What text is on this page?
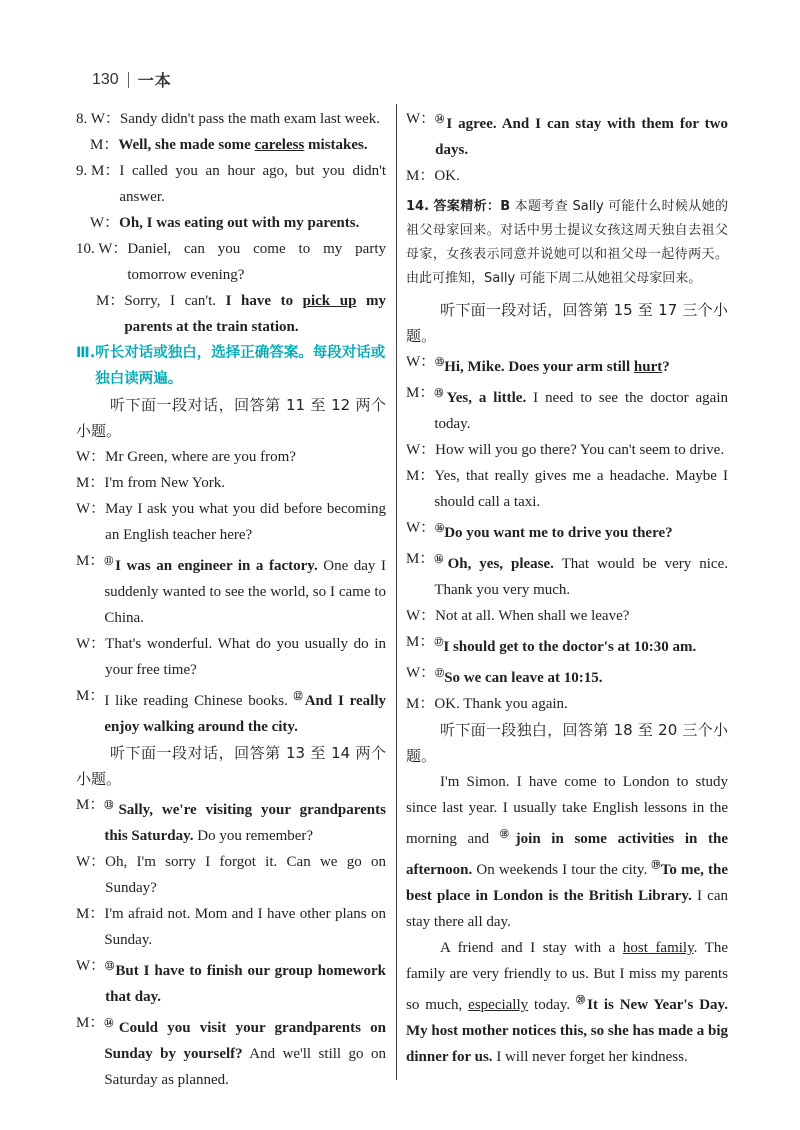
130 一本
8. W： Sandy didn't pass the math exam last week.
M： Well, she made some careless mistakes.
9. M： I called you an hour ago, but you didn't answer.
W： Oh, I was eating out with my parents.
10. W： Daniel, can you come to my party tomorrow evening?
M： Sorry, I can't. I have to pick up my parents at the train station.
Ⅲ. 听长对话或独白，选择正确答案。每段对话或独白读两遍。
听下面一段对话，回答第 11 至 12 两个小题。
W： Mr Green, where are you from?
M： I'm from New York.
W： May I ask you what you did before becoming an English teacher here?
M： ⑪I was an engineer in a factory. One day I suddenly wanted to see the world, so I came to China.
W： That's wonderful. What do you usually do in your free time?
M： I like reading Chinese books. ⑫And I really enjoy walking around the city.
听下面一段对话，回答第 13 至 14 两个小题。
M： ⑬Sally, we're visiting your grandparents this Saturday. Do you remember?
W： Oh, I'm sorry I forgot it. Can we go on Sunday?
M： I'm afraid not. Mom and I have other plans on Sunday.
W： ⑬But I have to finish our group homework that day.
M： ⑭Could you visit your grandparents on Sunday by yourself? And we'll still go on Saturday as planned.
W： ⑭I agree. And I can stay with them for two days.
M： OK.
14. 答案精析：B 本题考查 Sally 可能什么时候从她的祖父母家回来。对话中男士提议女孩这周天独自去祖父母家，女孩表示同意并说她可以和祖父母一起待两天。由此可推知，Sally 可能下周二从她祖父母家回来。
听下面一段对话，回答第 15 至 17 三个小题。
W： ⑮Hi, Mike. Does your arm still hurt?
M： ⑮Yes, a little. I need to see the doctor again today.
W： How will you go there? You can't seem to drive.
M： Yes, that really gives me a headache. Maybe I should call a taxi.
W： ⑯Do you want me to drive you there?
M： ⑯Oh, yes, please. That would be very nice. Thank you very much.
W： Not at all. When shall we leave?
M： ⑰I should get to the doctor's at 10:30 am.
W： ⑰So we can leave at 10:15.
M： OK. Thank you again.
听下面一段独白，回答第 18 至 20 三个小题。
I'm Simon. I have come to London to study since last year. I usually take English lessons in the morning and ⑱join in some activities in the afternoon. On weekends I tour the city. ⑲To me, the best place in London is the British Library. I can stay there all day.
A friend and I stay with a host family. The family are very friendly to us. But I miss my parents so much, especially today. ⑳It is New Year's Day. My host mother notices this, so she has made a big dinner for us. I will never forget her kindness.
